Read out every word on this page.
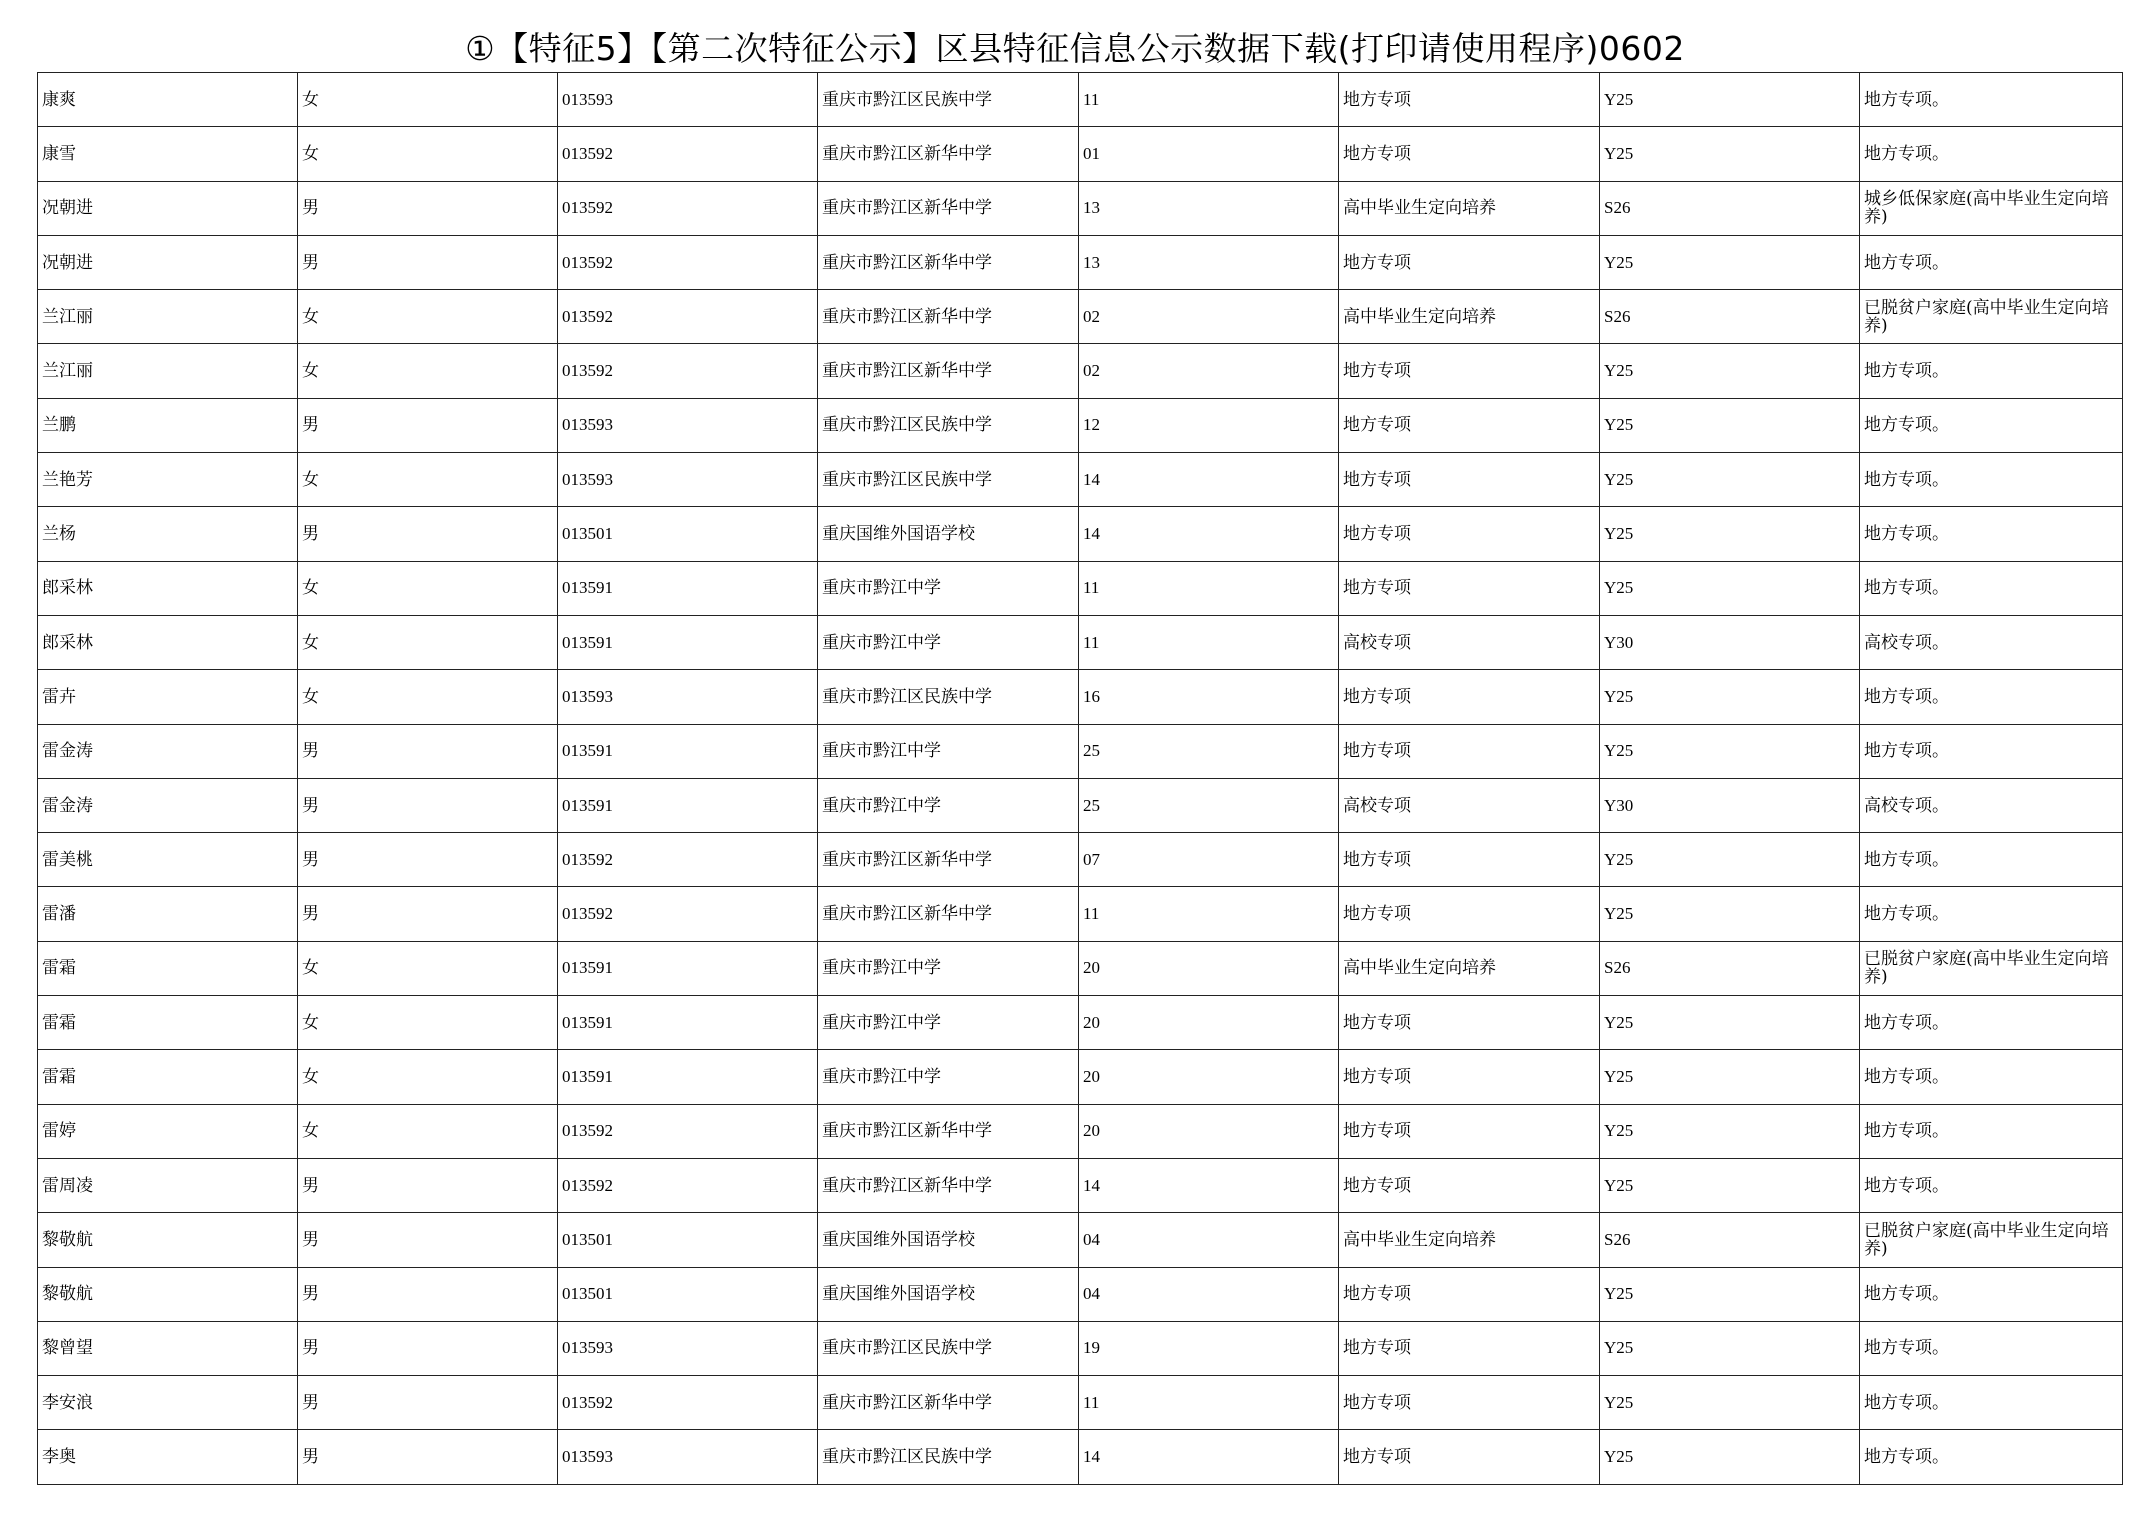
①【特征5】【第二次特征公示】区县特征信息公示数据下载(打印请使用程序)0602
康爽	女	013593	重庆市黔江区民族中学	11	地方专项	Y25	地方专项。
康雪	女	013592	重庆市黔江区新华中学	01	地方专项	Y25	地方专项。
况朝进	男	013592	重庆市黔江区新华中学	13	高中毕业生定向培养	S26	城乡低保家庭(高中毕业生定向培养)
况朝进	男	013592	重庆市黔江区新华中学	13	地方专项	Y25	地方专项。
兰江丽	女	013592	重庆市黔江区新华中学	02	高中毕业生定向培养	S26	已脱贫户家庭(高中毕业生定向培养)
兰江丽	女	013592	重庆市黔江区新华中学	02	地方专项	Y25	地方专项。
兰鹏	男	013593	重庆市黔江区民族中学	12	地方专项	Y25	地方专项。
兰艳芳	女	013593	重庆市黔江区民族中学	14	地方专项	Y25	地方专项。
兰杨	男	013501	重庆国维外国语学校	14	地方专项	Y25	地方专项。
郎采林	女	013591	重庆市黔江中学	11	地方专项	Y25	地方专项。
郎采林	女	013591	重庆市黔江中学	11	高校专项	Y30	高校专项。
雷卉	女	013593	重庆市黔江区民族中学	16	地方专项	Y25	地方专项。
雷金涛	男	013591	重庆市黔江中学	25	地方专项	Y25	地方专项。
雷金涛	男	013591	重庆市黔江中学	25	高校专项	Y30	高校专项。
雷美桃	男	013592	重庆市黔江区新华中学	07	地方专项	Y25	地方专项。
雷潘	男	013592	重庆市黔江区新华中学	11	地方专项	Y25	地方专项。
雷霜	女	013591	重庆市黔江中学	20	高中毕业生定向培养	S26	已脱贫户家庭(高中毕业生定向培养)
雷霜	女	013591	重庆市黔江中学	20	地方专项	Y25	地方专项。
雷霜	女	013591	重庆市黔江中学	20	地方专项	Y25	地方专项。
雷婷	女	013592	重庆市黔江区新华中学	20	地方专项	Y25	地方专项。
雷周凌	男	013592	重庆市黔江区新华中学	14	地方专项	Y25	地方专项。
黎敬航	男	013501	重庆国维外国语学校	04	高中毕业生定向培养	S26	已脱贫户家庭(高中毕业生定向培养)
黎敬航	男	013501	重庆国维外国语学校	04	地方专项	Y25	地方专项。
黎曾望	男	013593	重庆市黔江区民族中学	19	地方专项	Y25	地方专项。
李安浪	男	013592	重庆市黔江区新华中学	11	地方专项	Y25	地方专项。
李奥	男	013593	重庆市黔江区民族中学	14	地方专项	Y25	地方专项。
